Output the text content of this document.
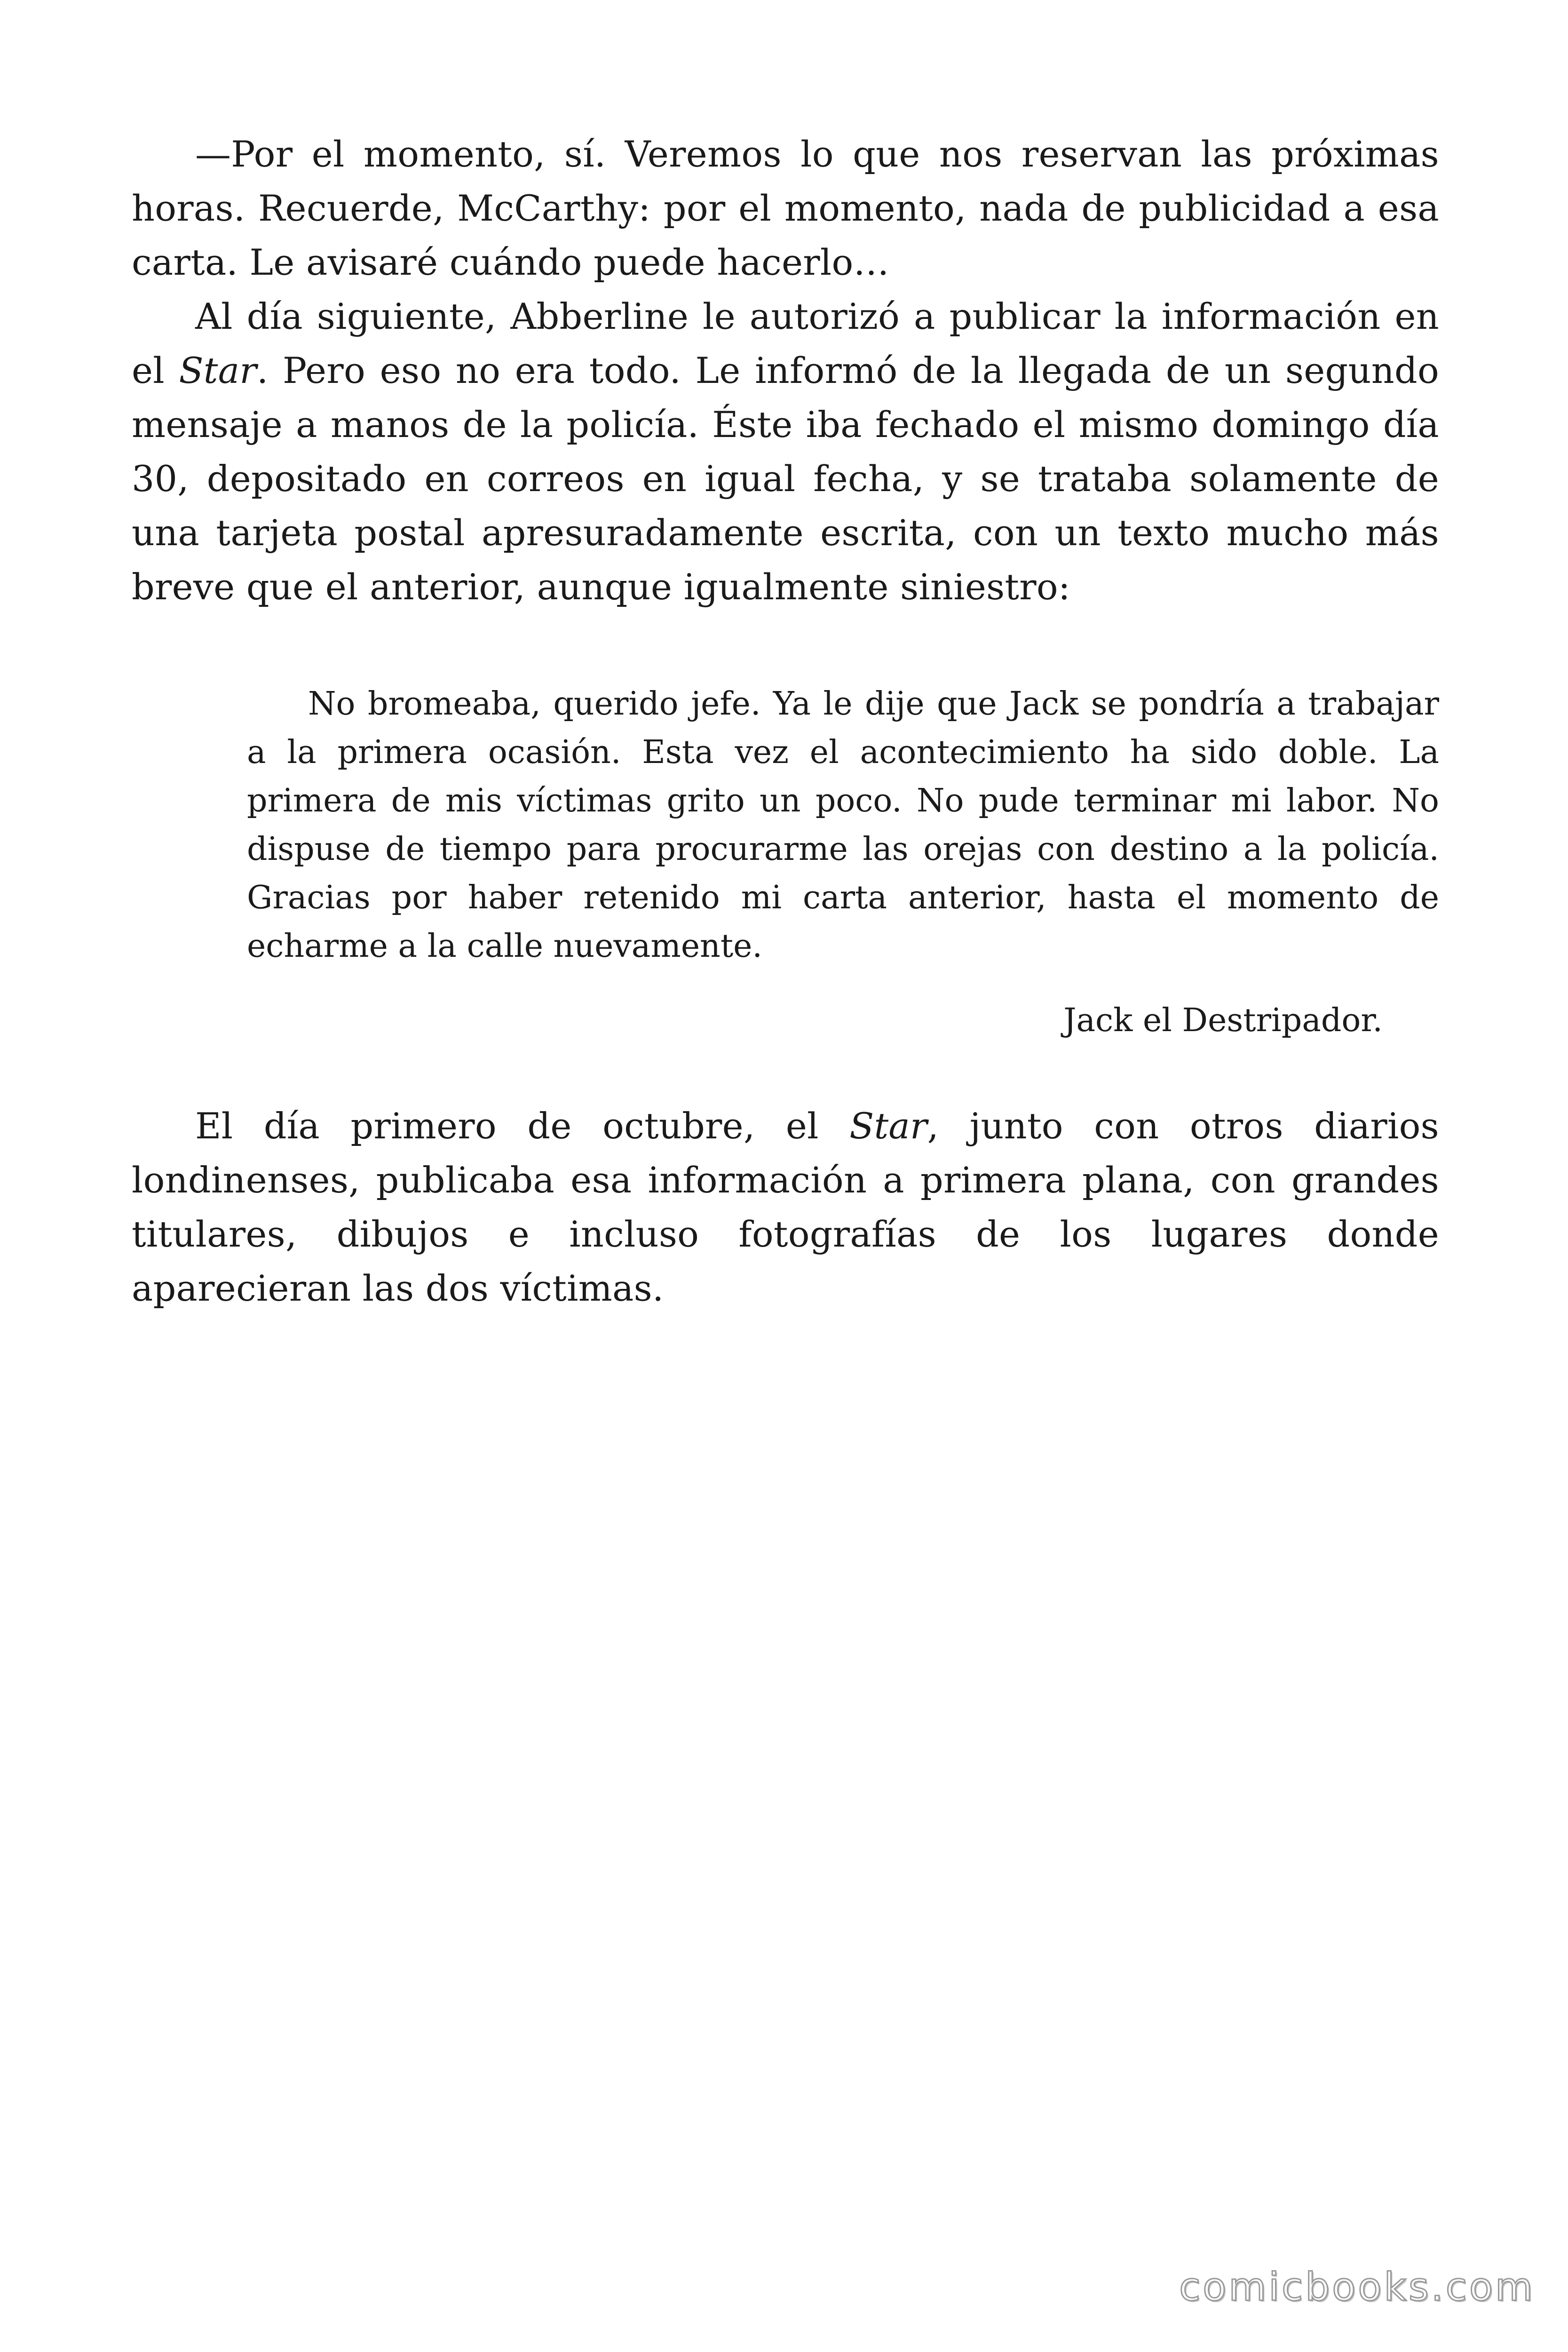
—Por el momento, sí. Veremos lo que nos reservan las próximas horas. Recuerde, McCarthy: por el momento, nada de publicidad a esa carta. Le avisaré cuándo puede hacerlo…

Al día siguiente, Abberline le autorizó a publicar la información en el Star. Pero eso no era todo. Le informó de la llegada de un segundo mensaje a manos de la policía. Éste iba fechado el mismo domingo día 30, depositado en correos en igual fecha, y se trataba solamente de una tarjeta postal apresuradamente escrita, con un texto mucho más breve que el anterior, aunque igualmente siniestro:

No bromeaba, querido jefe. Ya le dije que Jack se pondría a trabajar a la primera ocasión. Esta vez el acontecimiento ha sido doble. La primera de mis víctimas grito un poco. No pude terminar mi labor. No dispuse de tiempo para procurarme las orejas con destino a la policía. Gracias por haber retenido mi carta anterior, hasta el momento de echarme a la calle nuevamente.

Jack el Destripador.

El día primero de octubre, el Star, junto con otros diarios londinenses, publicaba esa información a primera plana, con grandes titulares, dibujos e incluso fotografías de los lugares donde aparecieran las dos víctimas.

comicbooks.com
